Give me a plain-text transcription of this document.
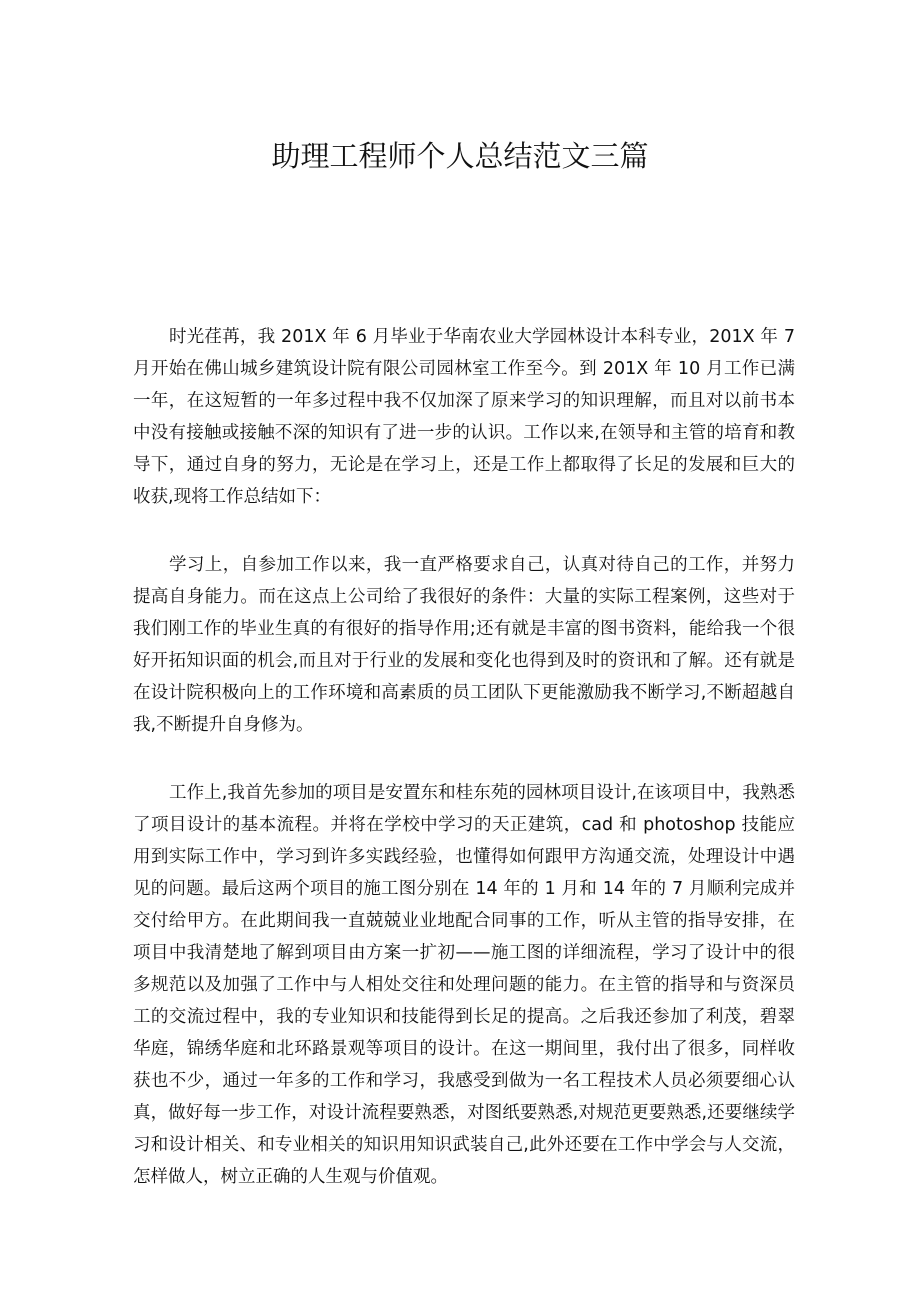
助理工程师个人总结范文三篇

时光荏苒，我 201X 年 6 月毕业于华南农业大学园林设计本科专业，201X 年 7 月开始在佛山城乡建筑设计院有限公司园林室工作至今。到 201X 年 10 月工作已满一年，在这短暂的一年多过程中我不仅加深了原来学习的知识理解，而且对以前书本中没有接触或接触不深的知识有了进一步的认识。工作以来,在领导和主管的培育和教导下，通过自身的努力，无论是在学习上，还是工作上都取得了长足的发展和巨大的收获,现将工作总结如下：

学习上，自参加工作以来，我一直严格要求自己，认真对待自己的工作，并努力提高自身能力。而在这点上公司给了我很好的条件：大量的实际工程案例，这些对于我们刚工作的毕业生真的有很好的指导作用;还有就是丰富的图书资料，能给我一个很好开拓知识面的机会,而且对于行业的发展和变化也得到及时的资讯和了解。还有就是在设计院积极向上的工作环境和高素质的员工团队下更能激励我不断学习,不断超越自我,不断提升自身修为。

工作上,我首先参加的项目是安置东和桂东苑的园林项目设计,在该项目中，我熟悉了项目设计的基本流程。并将在学校中学习的天正建筑，cad 和 photoshop 技能应用到实际工作中，学习到许多实践经验，也懂得如何跟甲方沟通交流，处理设计中遇见的问题。最后这两个项目的施工图分别在 14 年的 1 月和 14 年的 7 月顺利完成并交付给甲方。在此期间我一直兢兢业业地配合同事的工作，听从主管的指导安排，在项目中我清楚地了解到项目由方案一扩初——施工图的详细流程，学习了设计中的很多规范以及加强了工作中与人相处交往和处理问题的能力。在主管的指导和与资深员工的交流过程中，我的专业知识和技能得到长足的提高。之后我还参加了利茂，碧翠华庭，锦绣华庭和北环路景观等项目的设计。在这一期间里，我付出了很多，同样收获也不少，通过一年多的工作和学习，我感受到做为一名工程技术人员必须要细心认真，做好每一步工作，对设计流程要熟悉，对图纸要熟悉,对规范更要熟悉,还要继续学习和设计相关、和专业相关的知识用知识武装自己,此外还要在工作中学会与人交流，怎样做人，树立正确的人生观与价值观。
